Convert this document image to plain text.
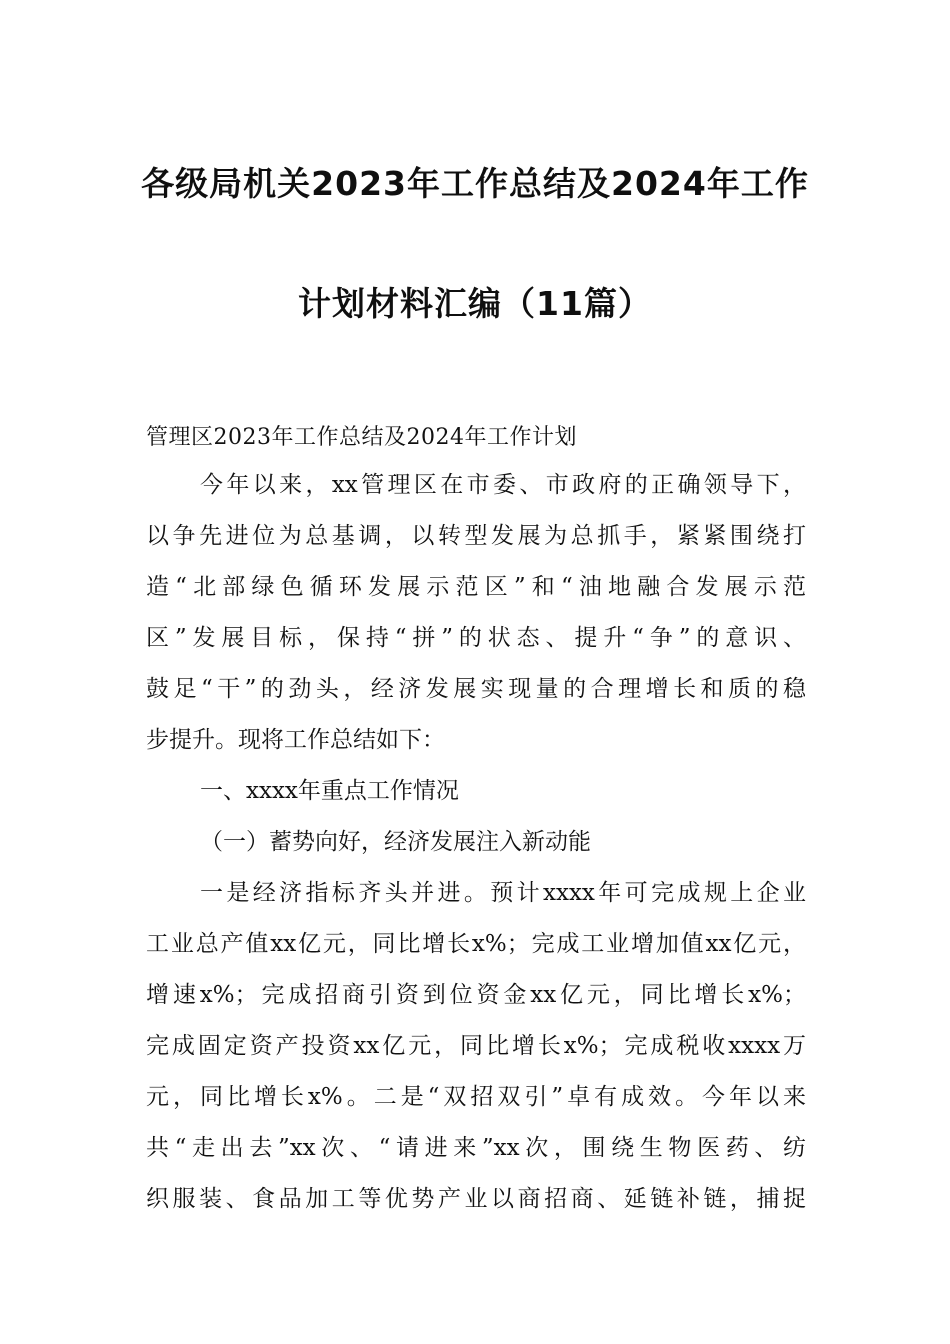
各级局机关2023年工作总结及2024年工作
计划材料汇编（11篇）
管理区2023年工作总结及2024年工作计划
今年以来，xx管理区在市委、市政府的正确领导下，
以争先进位为总基调，以转型发展为总抓手，紧紧围绕打
造“北部绿色循环发展示范区”和“油地融合发展示范
区”发展目标，保持“拼”的状态、提升“争”的意识、
鼓足“干”的劲头，经济发展实现量的合理增长和质的稳
步提升。现将工作总结如下：
一、xxxx年重点工作情况
（一）蓄势向好，经济发展注入新动能
一是经济指标齐头并进。预计xxxx年可完成规上企业
工业总产值xx亿元，同比增长x%；完成工业增加值xx亿元，
增速x%；完成招商引资到位资金xx亿元，同比增长x%；
完成固定资产投资xx亿元，同比增长x%；完成税收xxxx万
元，同比增长x%。二是“双招双引”卓有成效。今年以来
共“走出去”xx次、“请进来”xx次，围绕生物医药、纺
织服装、食品加工等优势产业以商招商、延链补链，捕捉
